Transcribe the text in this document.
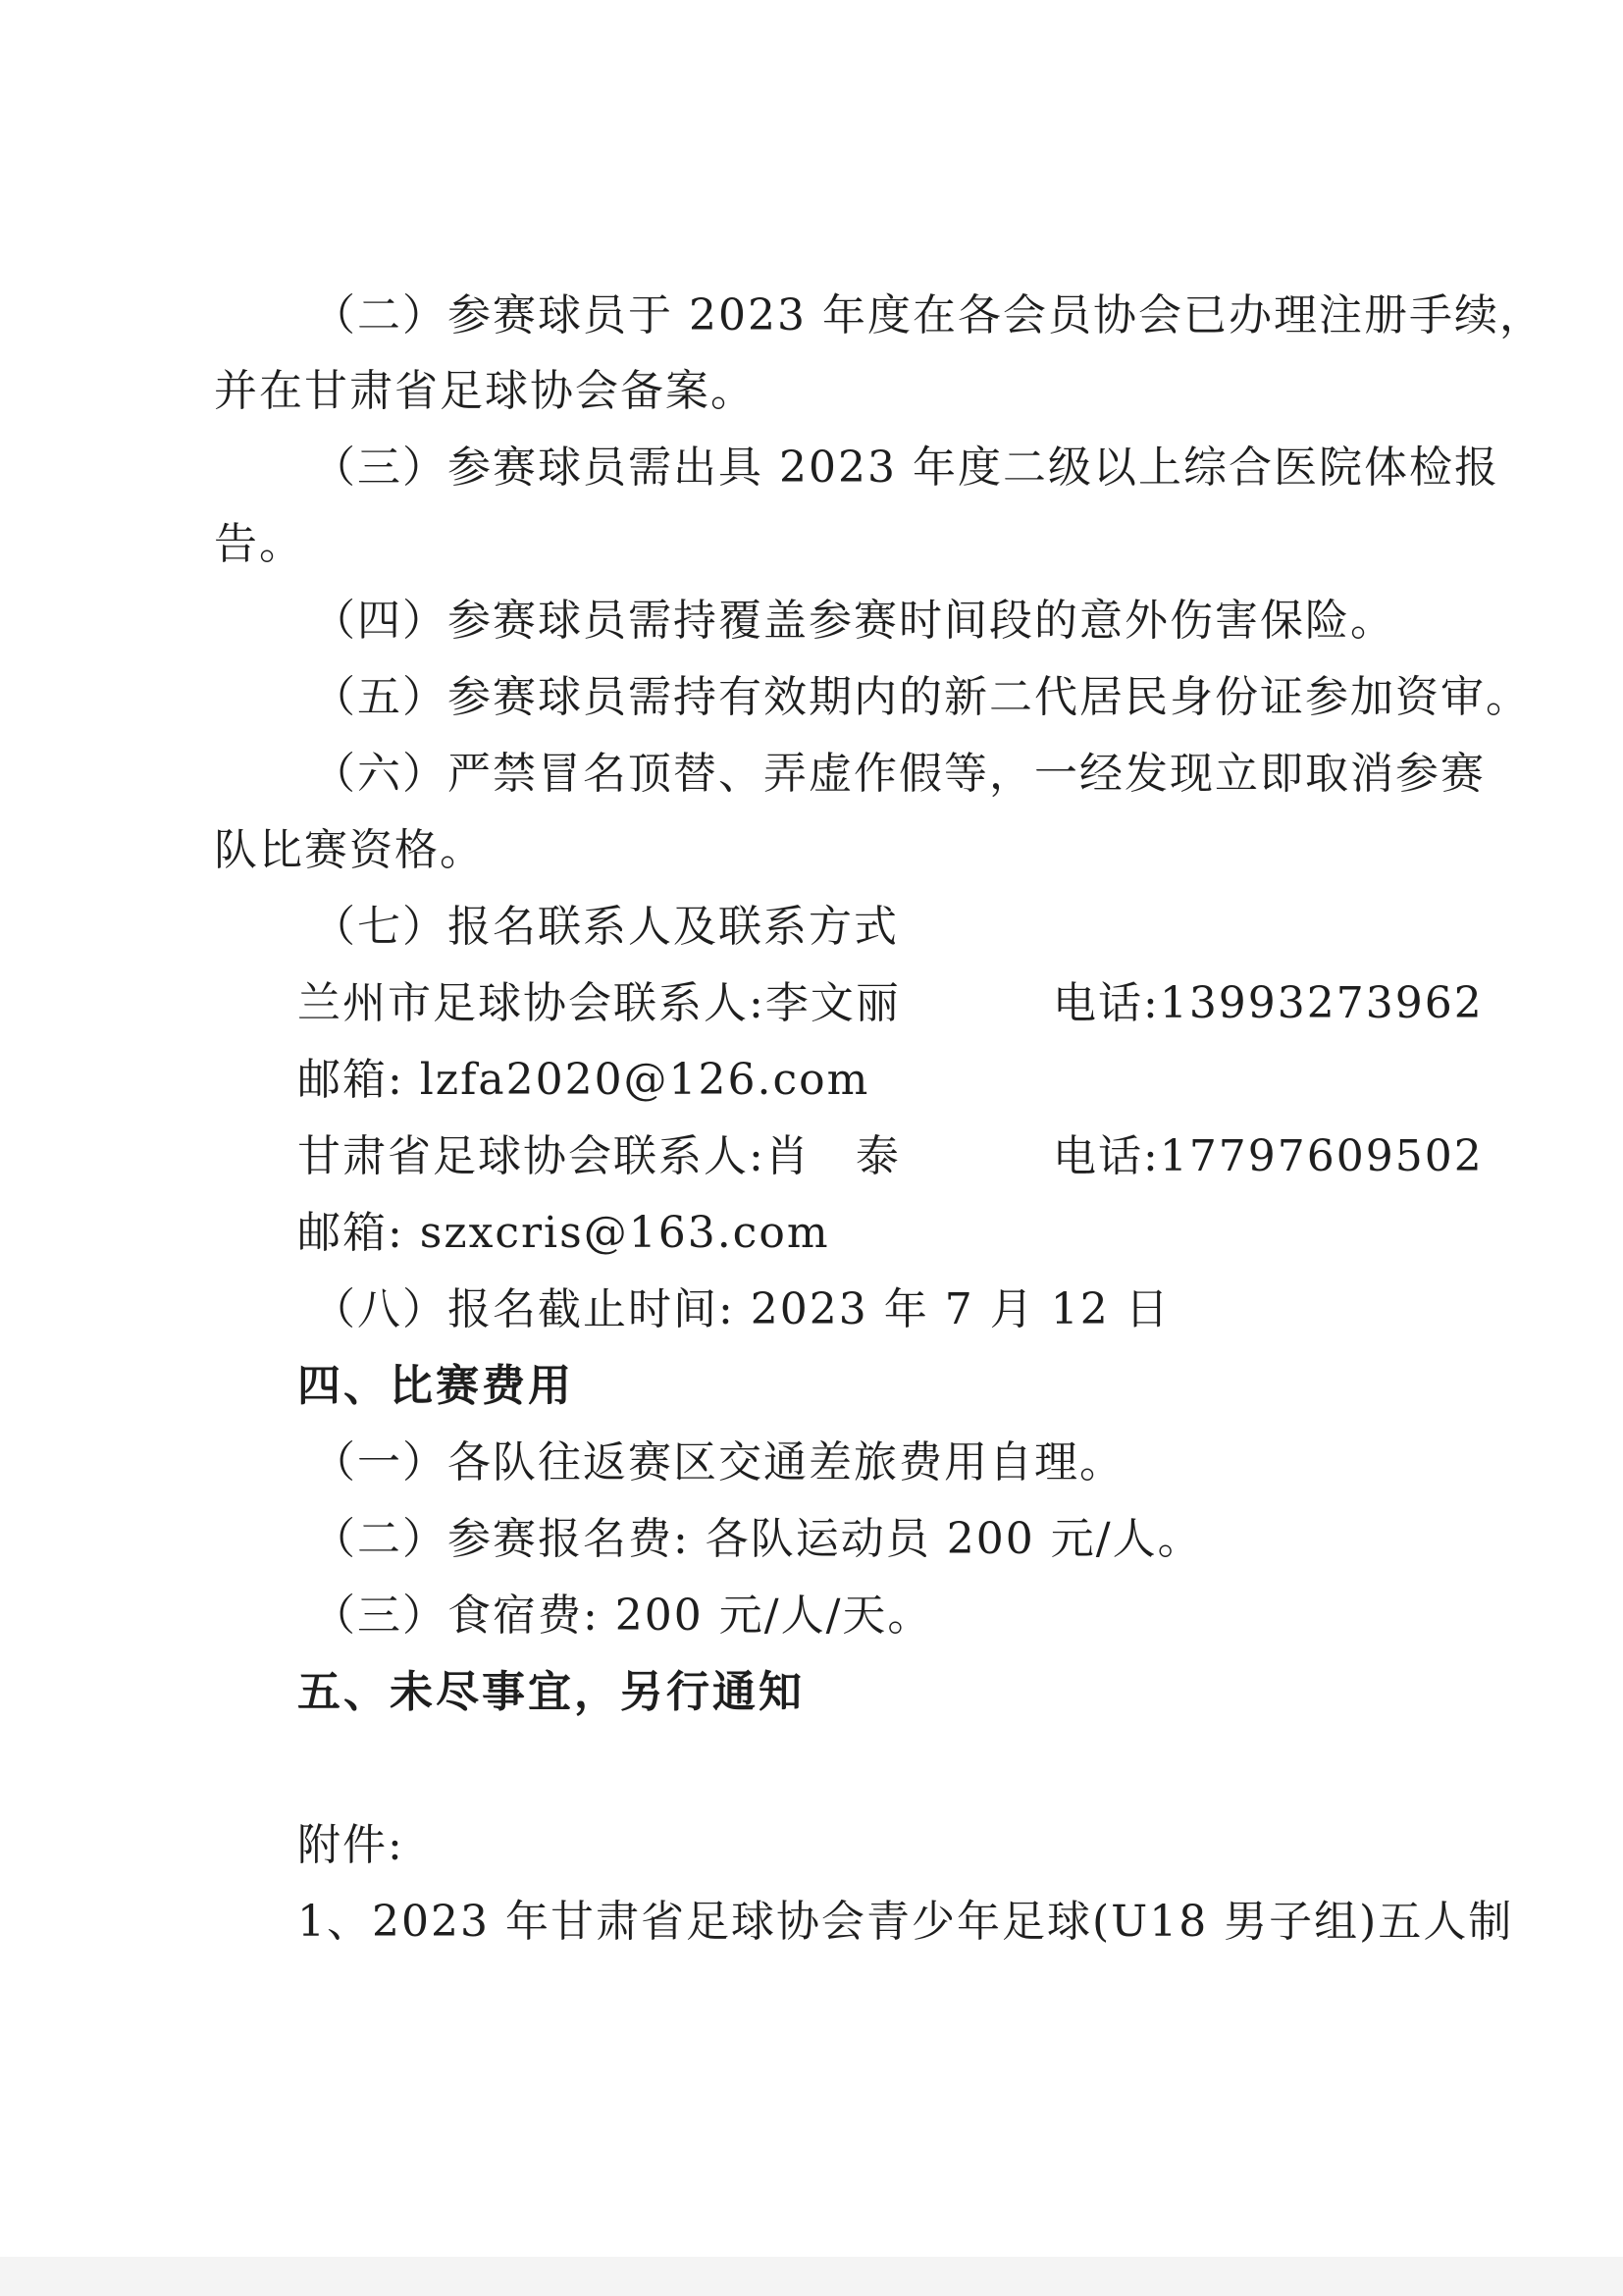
（二）参赛球员于 2023 年度在各会员协会已办理注册手续，
并在甘肃省足球协会备案。
（三）参赛球员需出具 2023 年度二级以上综合医院体检报
告。
（四）参赛球员需持覆盖参赛时间段的意外伤害保险。
（五）参赛球员需持有效期内的新二代居民身份证参加资审。
（六）严禁冒名顶替、弄虚作假等，一经发现立即取消参赛
队比赛资格。
（七）报名联系人及联系方式

兰州市足球协会联系人:李文丽

	电话:13993273962

邮箱: lzfa2020@126.com

甘肃省足球协会联系人:肖　泰

	电话:17797609502

邮箱: szxcris@163.com
（八）报名截止时间: 2023 年 7 月 12 日
四、比赛费用
（一）各队往返赛区交通差旅费用自理。
（二）参赛报名费: 各队运动员 200 元/人。
（三）食宿费: 200 元/人/天。
五、未尽事宜，另行通知
附件:
1、2023 年甘肃省足球协会青少年足球(U18 男子组)五人制
